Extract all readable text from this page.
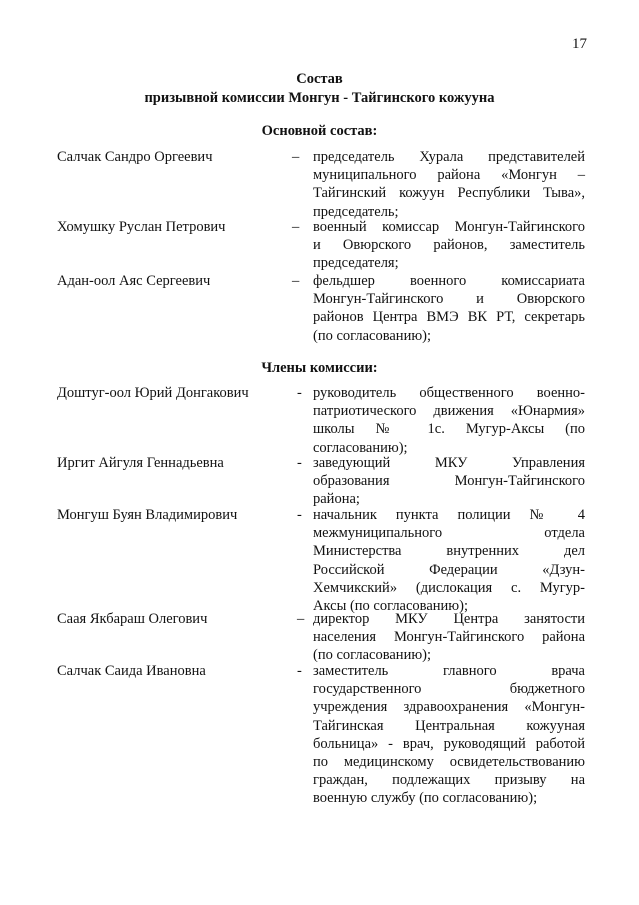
17
Состав
призывной комиссии Монгун - Тайгинского кожууна
Основной состав:
Салчак Сандро Оргеевич	– председатель Хурала представителей
муниципального района «Монгун –
Тайгинский кожуун Республики Тыва»,
председатель;
Хомушку Руслан Петрович	– военный комиссар Монгун-Тайгинского
и Овюрского районов, заместитель
председателя;
Адан-оол Аяс Сергеевич	– фельдшер военного комиссариата
Монгун-Тайгинского и Овюрского
районов Центра ВМЭ ВК РТ, секретарь
(по согласованию);
Члены комиссии:
Доштуг-оол Юрий Донгакович	- руководитель общественного военно-
патриотического движения «Юнармия»
школы № 1с. Мугур-Аксы (по
согласованию);
Иргит Айгуля Геннадьевна	- заведующий МКУ Управления
образования Монгун-Тайгинского
района;
Монгуш Буян Владимирович	- начальник пункта полиции № 4
межмуниципального отдела
Министерства внутренних дел
Российской Федерации «Дзун-
Хемчикский» (дислокация с. Мугур-
Аксы (по согласованию);
Саая Якбараш Олегович	– директор МКУ Центра занятости
населения Монгун-Тайгинского района
(по согласованию);
Салчак Саида Ивановна	- заместитель главного врача
государственного бюджетного
учреждения здравоохранения «Монгун-
Тайгинская Центральная кожууная
больница» - врач, руководящий работой
по медицинскому освидетельствованию
граждан, подлежащих призыву на
военную службу (по согласованию);
